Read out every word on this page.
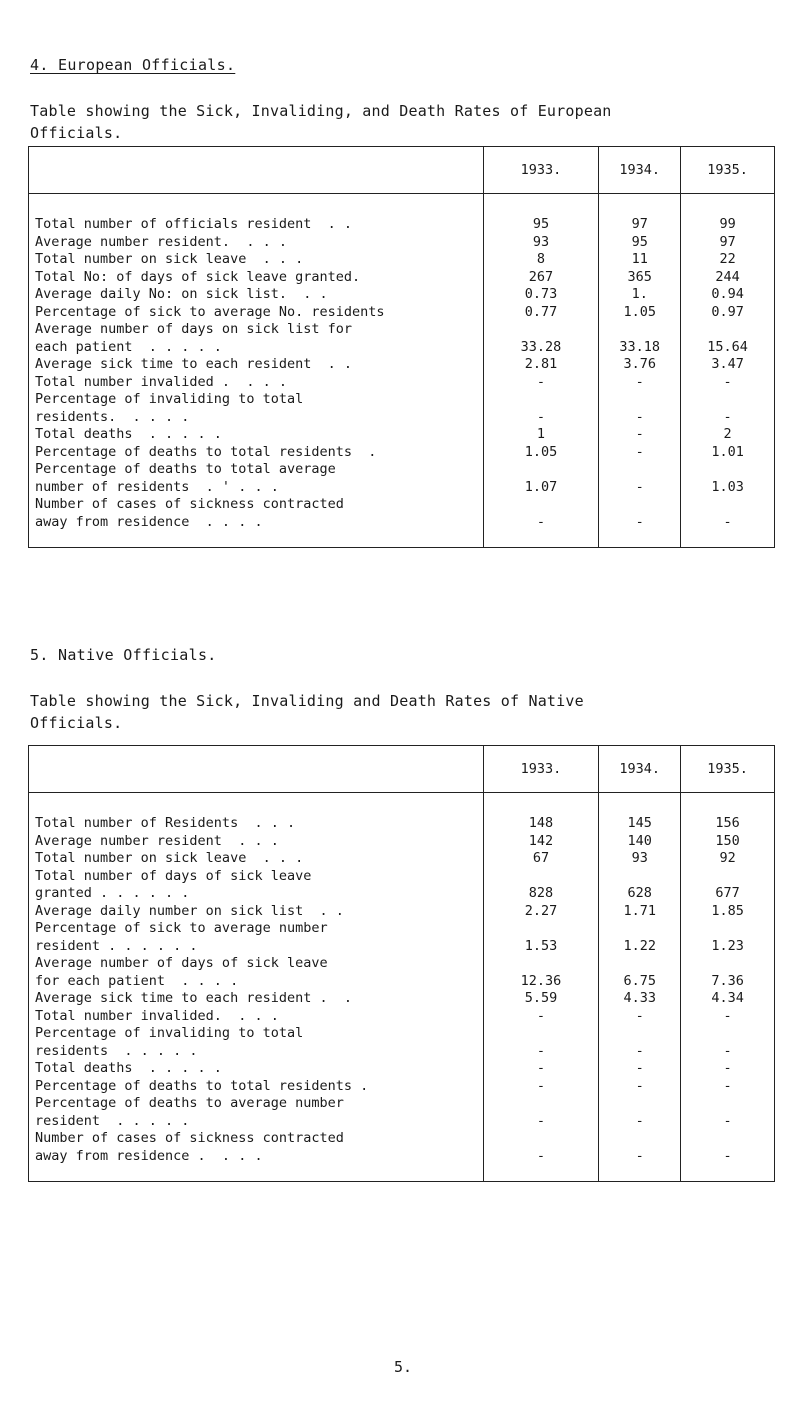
4. European Officials.
Table showing the Sick, Invaliding, and Death Rates of European
Officials.
	1933.	1934.	1935.

Total number of officials resident  . .	95	97	99

Average number resident.  . . .	93	95	97

Total number on sick leave  . . .	8	11	22

Total No: of days of sick leave granted.	267	365	244

Average daily No: on sick list.  . .	0.73	1.	0.94

Percentage of sick to average No. residents	0.77	1.05	0.97

Average number of days on sick list for
each patient  . . . . .	33.28	33.18	15.64

Average sick time to each resident  . .	2.81	3.76	3.47

Total number invalided .  . . .	-	-	-

Percentage of invaliding to total
residents.  . . . .	-	-	-

Total deaths  . . . . .	1	-	2

Percentage of deaths to total residents  .	1.05	-	1.01

Percentage of deaths to total average
number of residents  . ' . . .	1.07	-	1.03

Number of cases of sickness contracted
away from residence  . . . .	-	-	-
5. Native Officials.
Table showing the Sick, Invaliding and Death Rates of Native
Officials.
	1933.	1934.	1935.

Total number of Residents  . . .	148	145	156

Average number resident  . . .	142	140	150

Total number on sick leave  . . .	67	93	92

Total number of days of sick leave
granted . . . . . .	828	628	677

Average daily number on sick list  . .	2.27	1.71	1.85

Percentage of sick to average number
resident . . . . . .	1.53	1.22	1.23

Average number of days of sick leave
for each patient  . . . .	12.36	6.75	7.36

Average sick time to each resident .  .	5.59	4.33	4.34

Total number invalided.  . . .	-	-	-

Percentage of invaliding to total
residents  . . . . .	-	-	-

Total deaths  . . . . .	-	-	-

Percentage of deaths to total residents .	-	-	-

Percentage of deaths to average number
resident  . . . . .	-	-	-

Number of cases of sickness contracted
away from residence .  . . .	-	-	-
5.
